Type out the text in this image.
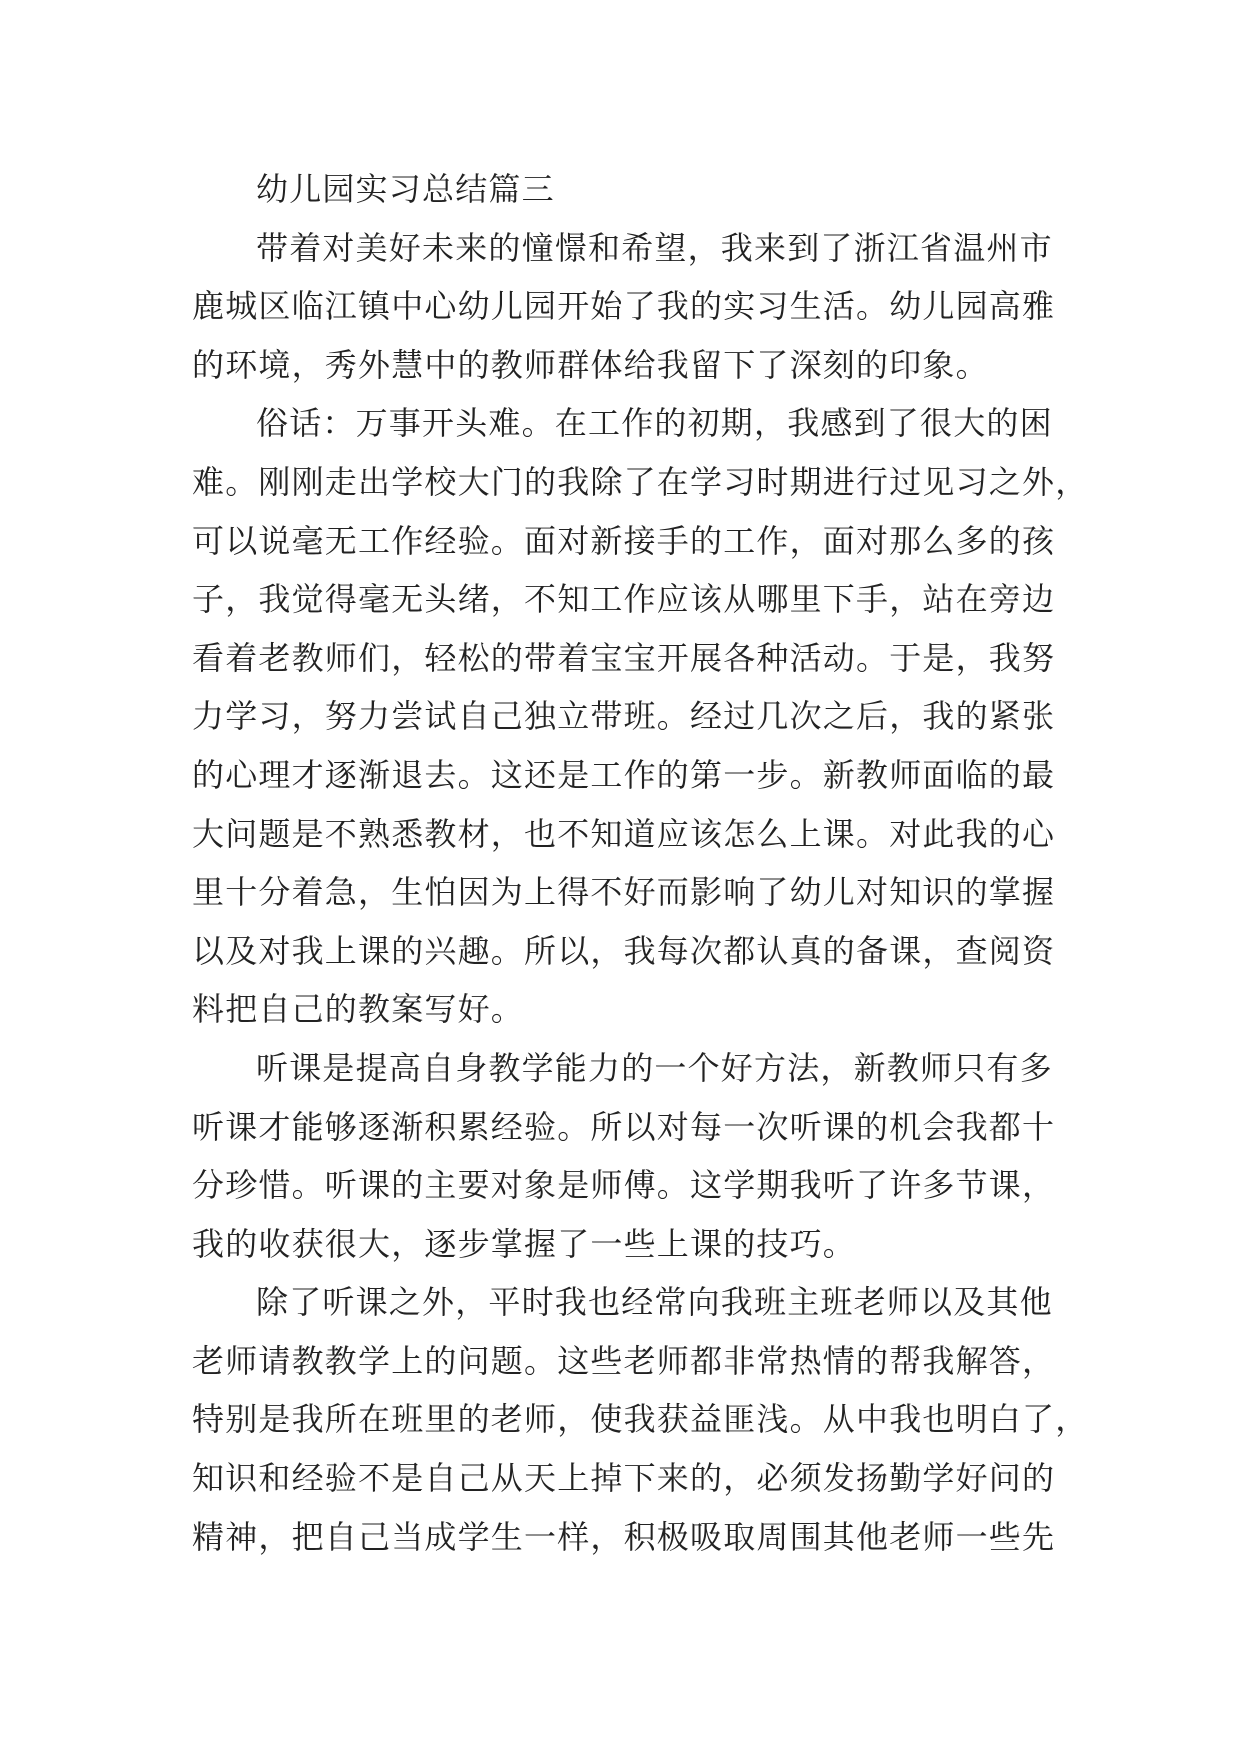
幼儿园实习总结篇三
带着对美好未来的憧憬和希望，我来到了浙江省温州市
鹿城区临江镇中心幼儿园开始了我的实习生活。幼儿园高雅
的环境，秀外慧中的教师群体给我留下了深刻的印象。
俗话：万事开头难。在工作的初期，我感到了很大的困
难。刚刚走出学校大门的我除了在学习时期进行过见习之外，
可以说毫无工作经验。面对新接手的工作，面对那么多的孩
子，我觉得毫无头绪，不知工作应该从哪里下手，站在旁边
看着老教师们，轻松的带着宝宝开展各种活动。于是，我努
力学习，努力尝试自己独立带班。经过几次之后，我的紧张
的心理才逐渐退去。这还是工作的第一步。新教师面临的最
大问题是不熟悉教材，也不知道应该怎么上课。对此我的心
里十分着急，生怕因为上得不好而影响了幼儿对知识的掌握
以及对我上课的兴趣。所以，我每次都认真的备课，查阅资
料把自己的教案写好。
听课是提高自身教学能力的一个好方法，新教师只有多
听课才能够逐渐积累经验。所以对每一次听课的机会我都十
分珍惜。听课的主要对象是师傅。这学期我听了许多节课，
我的收获很大，逐步掌握了一些上课的技巧。
除了听课之外，平时我也经常向我班主班老师以及其他
老师请教教学上的问题。这些老师都非常热情的帮我解答，
特别是我所在班里的老师，使我获益匪浅。从中我也明白了，
知识和经验不是自己从天上掉下来的，必须发扬勤学好问的
精神，把自己当成学生一样，积极吸取周围其他老师一些先
